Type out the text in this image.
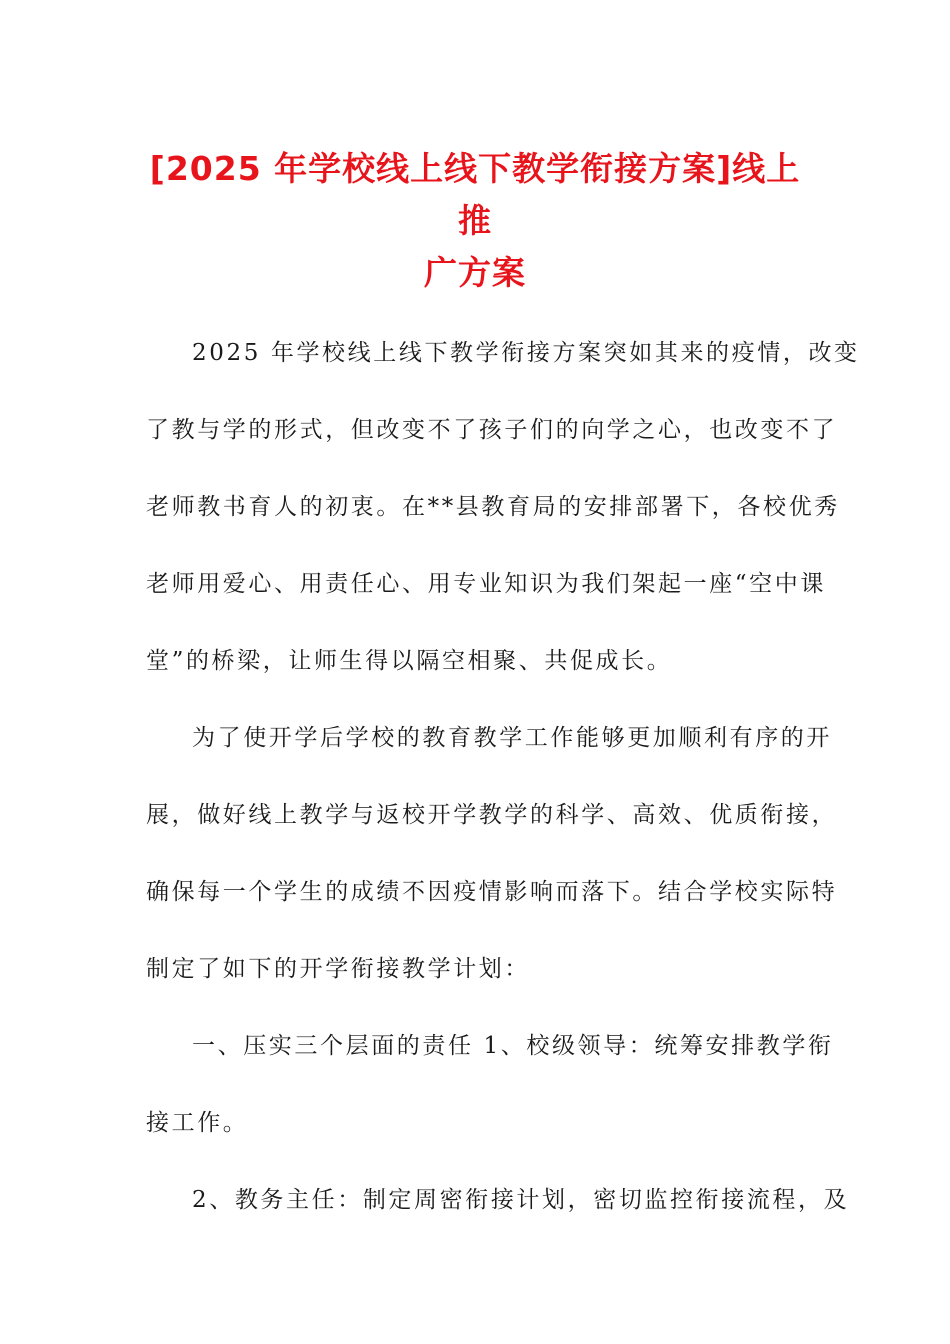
[2025 年学校线上线下教学衔接方案]线上推
广方案
2025 年学校线上线下教学衔接方案突如其来的疫情，改变
了教与学的形式，但改变不了孩子们的向学之心，也改变不了
老师教书育人的初衷。在**县教育局的安排部署下，各校优秀
老师用爱心、用责任心、用专业知识为我们架起一座“空中课
堂”的桥梁，让师生得以隔空相聚、共促成长。
为了使开学后学校的教育教学工作能够更加顺利有序的开
展，做好线上教学与返校开学教学的科学、高效、优质衔接，
确保每一个学生的成绩不因疫情影响而落下。结合学校实际特
制定了如下的开学衔接教学计划：
一、压实三个层面的责任 1、校级领导：统筹安排教学衔
接工作。
2、教务主任：制定周密衔接计划，密切监控衔接流程，及
